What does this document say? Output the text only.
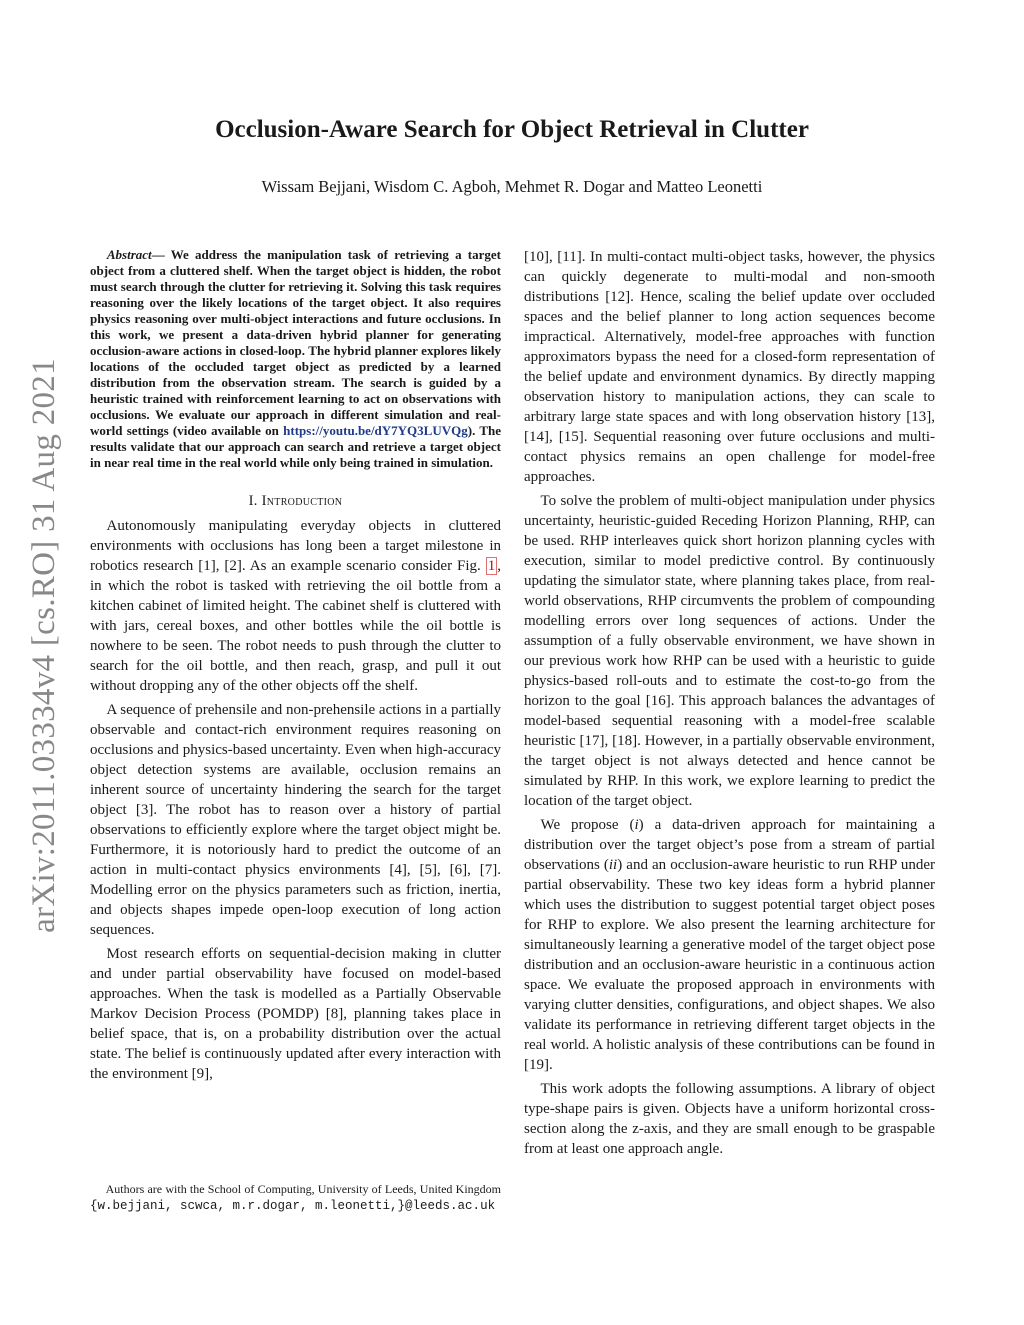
arXiv:2011.03334v4 [cs.RO] 31 Aug 2021
Occlusion-Aware Search for Object Retrieval in Clutter

Wissam Bejjani, Wisdom C. Agboh, Mehmet R. Dogar and Matteo Leonetti

Abstract— We address the manipulation task of retrieving a target object from a cluttered shelf. When the target object is hidden, the robot must search through the clutter for retrieving it. Solving this task requires reasoning over the likely locations of the target object. It also requires physics reasoning over multi-object interactions and future occlusions. In this work, we present a data-driven hybrid planner for generating occlusion-aware actions in closed-loop. The hybrid planner explores likely locations of the occluded target object as predicted by a learned distribution from the observation stream. The search is guided by a heuristic trained with reinforcement learning to act on observations with occlusions. We evaluate our approach in different simulation and real-world settings (video available on https://youtu.be/dY7YQ3LUVQg). The results validate that our approach can search and retrieve a target object in near real time in the real world while only being trained in simulation.

I. Introduction

Autonomously manipulating everyday objects in cluttered environments with occlusions has long been a target milestone in robotics research [1], [2]. As an example scenario consider Fig. 1 , in which the robot is tasked with retrieving the oil bottle from a kitchen cabinet of limited height. The cabinet shelf is cluttered with with jars, cereal boxes, and other bottles while the oil bottle is nowhere to be seen. The robot needs to push through the clutter to search for the oil bottle, and then reach, grasp, and pull it out without dropping any of the other objects off the shelf.

A sequence of prehensile and non-prehensile actions in a partially observable and contact-rich environment requires reasoning on occlusions and physics-based uncertainty. Even when high-accuracy object detection systems are available, occlusion remains an inherent source of uncertainty hindering the search for the target object [3]. The robot has to reason over a history of partial observations to efficiently explore where the target object might be. Furthermore, it is notoriously hard to predict the outcome of an action in multi-contact physics environments [4], [5], [6], [7]. Modelling error on the physics parameters such as friction, inertia, and objects shapes impede open-loop execution of long action sequences.

Most research efforts on sequential-decision making in clutter and under partial observability have focused on model-based approaches. When the task is modelled as a Partially Observable Markov Decision Process (POMDP) [8], planning takes place in belief space, that is, on a probability distribution over the actual state. The belief is continuously updated after every interaction with the environment [9],

Authors are with the School of Computing, University of Leeds, United Kingdom {w.bejjani, scwca, m.r.dogar, m.leonetti,}@leeds.ac.uk

[10], [11]. In multi-contact multi-object tasks, however, the physics can quickly degenerate to multi-modal and non-smooth distributions [12]. Hence, scaling the belief update over occluded spaces and the belief planner to long action sequences become impractical. Alternatively, model-free approaches with function approximators bypass the need for a closed-form representation of the belief update and environment dynamics. By directly mapping observation history to manipulation actions, they can scale to arbitrary large state spaces and with long observation history [13], [14], [15]. Sequential reasoning over future occlusions and multi-contact physics remains an open challenge for model-free approaches.

To solve the problem of multi-object manipulation under physics uncertainty, heuristic-guided Receding Horizon Planning, RHP, can be used. RHP interleaves quick short horizon planning cycles with execution, similar to model predictive control. By continuously updating the simulator state, where planning takes place, from real-world observations, RHP circumvents the problem of compounding modelling errors over long sequences of actions. Under the assumption of a fully observable environment, we have shown in our previous work how RHP can be used with a heuristic to guide physics-based roll-outs and to estimate the cost-to-go from the horizon to the goal [16]. This approach balances the advantages of model-based sequential reasoning with a model-free scalable heuristic [17], [18]. However, in a partially observable environment, the target object is not always detected and hence cannot be simulated by RHP. In this work, we explore learning to predict the location of the target object.

We propose (i) a data-driven approach for maintaining a distribution over the target object’s pose from a stream of partial observations (ii) and an occlusion-aware heuristic to run RHP under partial observability. These two key ideas form a hybrid planner which uses the distribution to suggest potential target object poses for RHP to explore. We also present the learning architecture for simultaneously learning a generative model of the target object pose distribution and an occlusion-aware heuristic in a continuous action space. We evaluate the proposed approach in environments with varying clutter densities, configurations, and object shapes. We also validate its performance in retrieving different target objects in the real world. A holistic analysis of these contributions can be found in [19].

This work adopts the following assumptions. A library of object type-shape pairs is given. Objects have a uniform horizontal cross-section along the z-axis, and they are small enough to be graspable from at least one approach angle.
